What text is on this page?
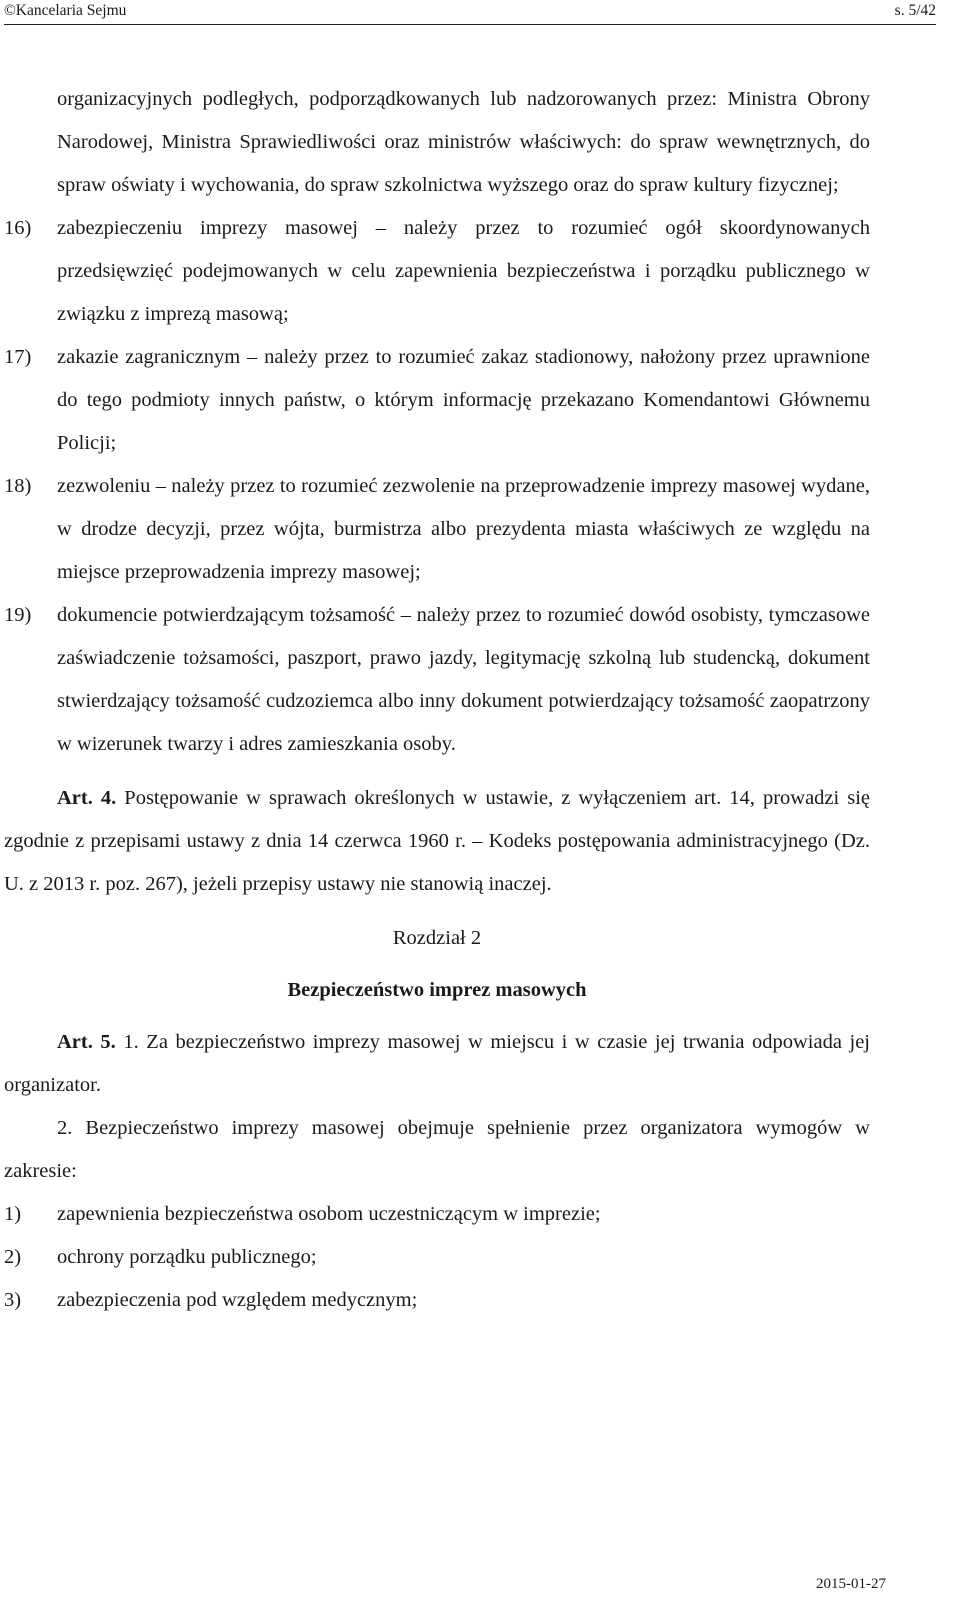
©Kancelaria Sejmu	s. 5/42

organizacyjnych podległych, podporządkowanych lub nadzorowanych przez: Ministra Obrony Narodowej, Ministra Sprawiedliwości oraz ministrów właściwych: do spraw wewnętrznych, do spraw oświaty i wychowania, do spraw szkolnictwa wyższego oraz do spraw kultury fizycznej;

16) zabezpieczeniu imprezy masowej – należy przez to rozumieć ogół skoordynowanych przedsięwzięć podejmowanych w celu zapewnienia bezpieczeństwa i porządku publicznego w związku z imprezą masową;
17) zakazie zagranicznym – należy przez to rozumieć zakaz stadionowy, nałożony przez uprawnione do tego podmioty innych państw, o którym informację przekazano Komendantowi Głównemu Policji;
18) zezwoleniu – należy przez to rozumieć zezwolenie na przeprowadzenie imprezy masowej wydane, w drodze decyzji, przez wójta, burmistrza albo prezydenta miasta właściwych ze względu na miejsce przeprowadzenia imprezy masowej;
19) dokumencie potwierdzającym tożsamość – należy przez to rozumieć dowód osobisty, tymczasowe zaświadczenie tożsamości, paszport, prawo jazdy, legitymację szkolną lub studencką, dokument stwierdzający tożsamość cudzoziemca albo inny dokument potwierdzający tożsamość zaopatrzony w wizerunek twarzy i adres zamieszkania osoby.

Art. 4. Postępowanie w sprawach określonych w ustawie, z wyłączeniem art. 14, prowadzi się zgodnie z przepisami ustawy z dnia 14 czerwca 1960 r. – Kodeks postępowania administracyjnego (Dz. U. z 2013 r. poz. 267), jeżeli przepisy ustawy nie stanowią inaczej.

Rozdział 2

Bezpieczeństwo imprez masowych

Art. 5. 1. Za bezpieczeństwo imprezy masowej w miejscu i w czasie jej trwania odpowiada jej organizator.

2. Bezpieczeństwo imprezy masowej obejmuje spełnienie przez organizatora wymogów w zakresie:

1) zapewnienia bezpieczeństwa osobom uczestniczącym w imprezie;
2) ochrony porządku publicznego;
3) zabezpieczenia pod względem medycznym;
2015-01-27
